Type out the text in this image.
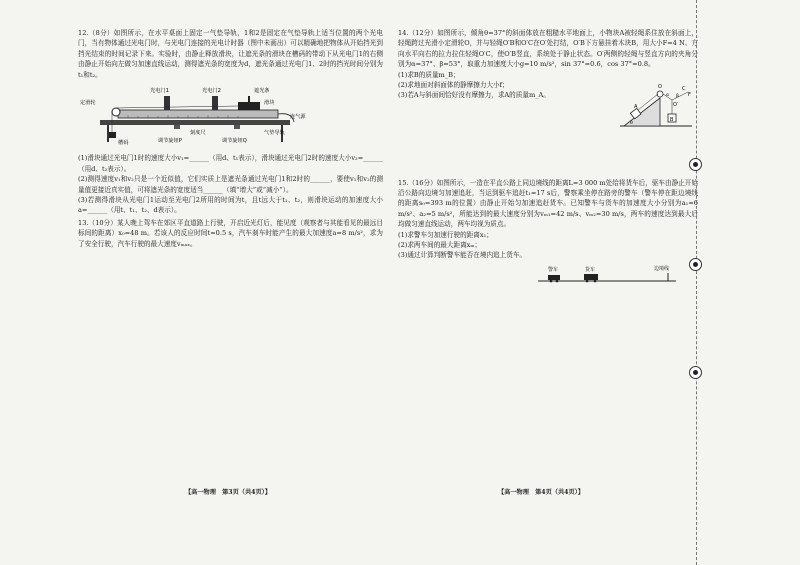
12.（8分）如图所示，在水平桌面上固定一气垫导轨，1和2是固定在气垫导轨上适当位置的两个光电门，当有物体通过光电门时，与光电门连接的光电计时器（图中未画出）可以精确地把物体从开始挡光到挡光结束的时间记录下来。实验时，由静止释放滑块，让遮光条的滑块在槽码的带动下从光电门1的右侧由静止开始向左做匀加速直线运动，测得遮光条的宽度为d，遮光条通过光电门1、2时的挡光时间分别为t₁和t₂。

光电门1	光电门2
定滑轮
遮光条
滑块
刻度尺	气垫导轨
槽码	调节旋钮P	调节旋钮Q
连气源

(1)滑块通过光电门1时的速度大小v₁=______（用d、t₁表示），滑块通过光电门2时的速度大小v₂=______（用d、t₂表示）。

(2)测得速度v₁和v₂只是一个近似值，它们实质上是遮光条通过光电门1和2时的______，要使v₁和v₂的测量值更接近真实值，可将遮光条的宽度适当______（填“增大”或“减小”）。

(3)若测得滑块从光电门1运动至光电门2所用的时间为t，且t远大于t₁、t₂，则滑块运动的加速度大小a=______（用t、t₁、t₂、d表示）。

13.（10分）某人晚上驾车在郊区平直道路上行驶，开启近光灯后，能见度（观察者与其能看见的最远目标间的距离）x₀=48 m。若该人的反应时间t=0.5 s，汽车刹车时能产生的最大加速度a=8 m/s²，求为了安全行驶，汽车行驶的最大速度vₘₐₓ。

14.（12分）如图所示，倾角θ=37°的斜面体放在粗糙水平地面上，小物块A被轻绳系住放在斜面上，轻绳跨过光滑小定滑轮O，并与轻绳O′B和O′C在O′处打结，O′B下方悬挂着木块B，用大小F=4 N、方向水平向右的拉力拉住轻绳O′C，使O′B竖直，系统处于静止状态。O′两侧的轻绳与竖直方向的夹角分别为α=37°、β=53°，取重力加速度大小g=10 m/s²，sin 37°=0.6，cos 37°=0.8。

(1)求B的质量m_B；

(2)求地面对斜面体的静摩擦力大小f；

(3)若A与斜面间恰好没有摩擦力，求A的质量m_A。

A
O
O′
B
α β
C
F
θ

15.（16分）如图所示，一造在平直公路上同边境线的距离L=3 000 m处给将货车后，驱车由静止开始沿公路向边境匀加速追赶，当运到驱车追赶t₁=17 s后，警察乘坐停在路旁的警车（警车停在距边境线的距离s₀=393 m的位置）由静止开始匀加速追赶货车。已知警车与货车的加速度大小分别为a₁=6 m/s²、a₂=5 m/s²，所能达到的最大速度分别为vₘ₁=42 m/s、vₘ₂=30 m/s，两车的速度达到最大后均做匀速直线运动，两车均视为质点。

(1)求警车匀加速行驶的距离x₁；

(2)求两车间的最大距离xₘ；

(3)通过计算判断警车能否在境内追上货车。

警车	货车	边境线
【高一物理　第3页（共4页）】	【高一物理　第4页（共4页）】
